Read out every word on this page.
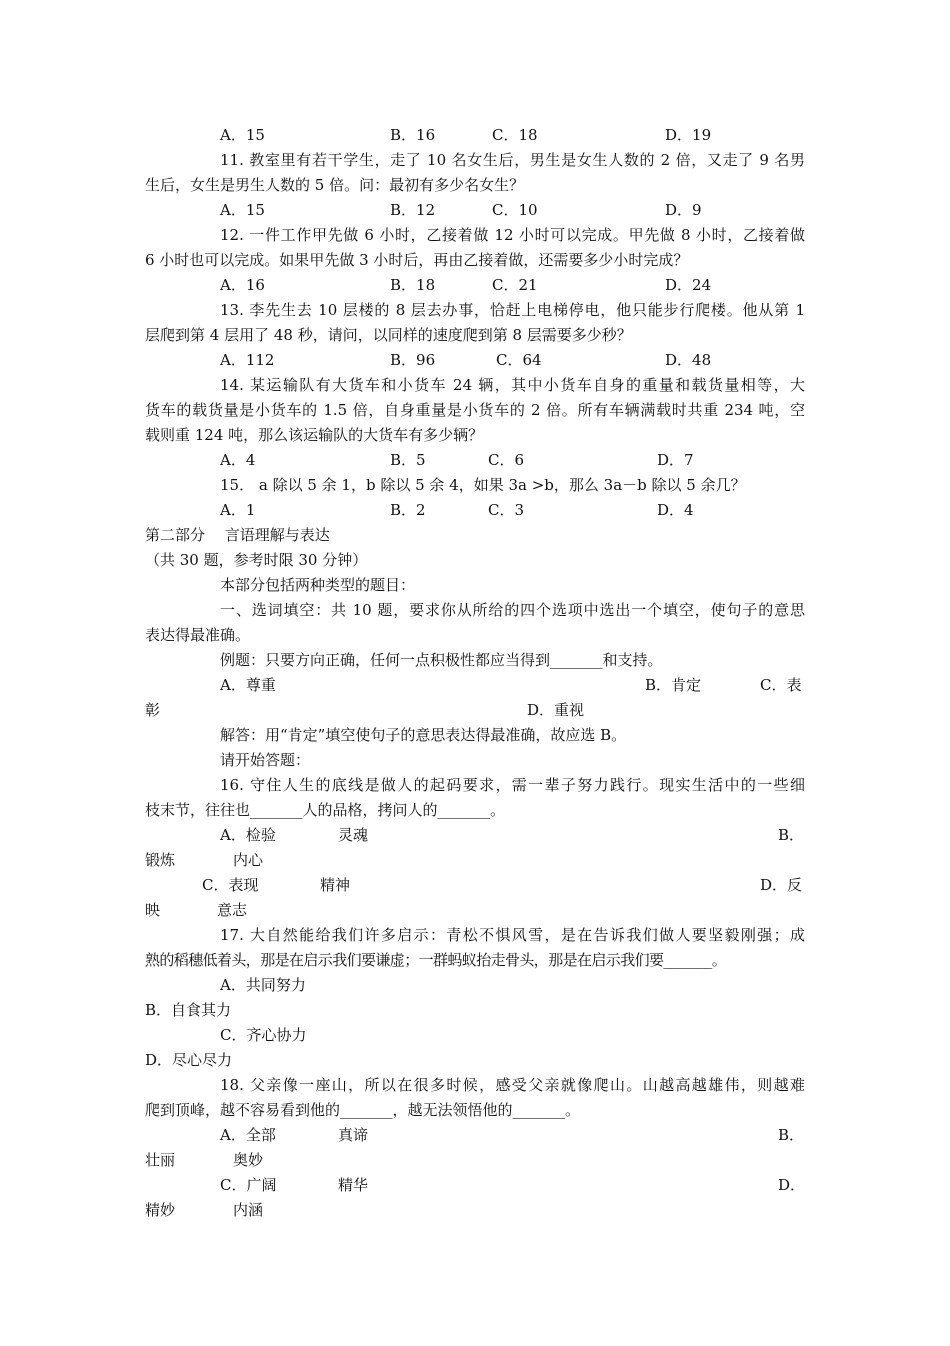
A．15	B．16	C．18	D．19
11. 教室里有若干学生，走了 10 名女生后，男生是女生人数的 2 倍，又走了 9 名男
生后，女生是男生人数的 5 倍。问：最初有多少名女生？
A．15	B．12	C．10	D．9
12. 一件工作甲先做 6 小时，乙接着做 12 小时可以完成。甲先做 8 小时，乙接着做
6 小时也可以完成。如果甲先做 3 小时后，再由乙接着做，还需要多少小时完成？
A．16	B．18	C．21	D．24
13. 李先生去 10 层楼的 8 层去办事，恰赶上电梯停电，他只能步行爬楼。他从第 1
层爬到第 4 层用了 48 秒，请问，以同样的速度爬到第 8 层需要多少秒？
A．112	B．96	C．64	D．48
14. 某运输队有大货车和小货车 24 辆，其中小货车自身的重量和载货量相等，大
货车的载货量是小货车的 1.5 倍，自身重量是小货车的 2 倍。所有车辆满载时共重 234 吨，空
载则重 124 吨，那么该运输队的大货车有多少辆？
A．4	B．5	C．6	D．7
15． a 除以 5 余 1，b 除以 5 余 4，如果 3a >b，那么 3a－b 除以 5 余几？
A．1	B．2	C．3	D．4
第二部分　 言语理解与表达
（共 30 题，参考时限 30 分钟）
本部分包括两种类型的题目：
一、选词填空：共 10 题，要求你从所给的四个选项中选出一个填空，使句子的意思
表达得最准确。
例题：只要方向正确，任何一点积极性都应当得到_______和支持。
A．尊重	B．肯定	C．表
彰	D．重视
解答：用“肯定”填空使句子的意思表达得最准确，故应选 B。
请开始答题：
16. 守住人生的底线是做人的起码要求，需一辈子努力践行。现实生活中的一些细
枝末节，往往也_______人的品格，拷问人的_______。
A．检验	灵魂	B．
锻炼	内心
C．表现	精神	D．反
映	意志
17. 大自然能给我们许多启示：青松不惧风雪，是在告诉我们做人要坚毅刚强；成
熟的稻穗低着头，那是在启示我们要谦虚；一群蚂蚁抬走骨头，那是在启示我们要_______。
A．共同努力
B．自食其力
C．齐心协力
D．尽心尽力
18. 父亲像一座山，所以在很多时候，感受父亲就像爬山。山越高越雄伟，则越难
爬到顶峰，越不容易看到他的_______，越无法领悟他的_______。
A．全部	真谛	B．
壮丽	奥妙
C．广阔	精华	D．
精妙	内涵
